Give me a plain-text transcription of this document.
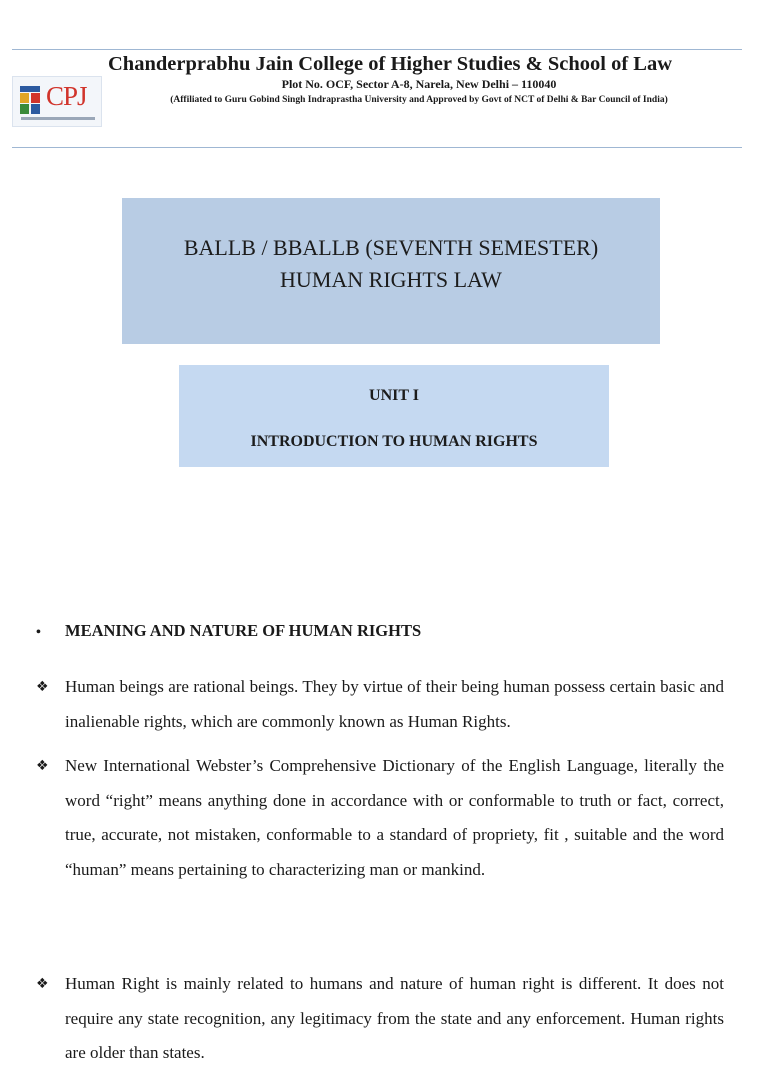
CPJ
Chanderprabhu Jain College of Higher Studies & School of Law
Plot No. OCF, Sector A-8, Narela, New Delhi – 110040
(Affiliated to Guru Gobind Singh Indraprastha University and Approved by Govt of NCT of Delhi & Bar Council of India)
BALLB / BBALLB (SEVENTH SEMESTER)
HUMAN RIGHTS LAW
UNIT I
INTRODUCTION TO HUMAN RIGHTS
• MEANING AND NATURE OF HUMAN RIGHTS
❖ Human beings are rational beings. They by virtue of their being human possess certain basic and inalienable rights, which are commonly known as Human Rights.
❖ New International Webster’s Comprehensive Dictionary of the English Language, literally the word “right” means anything done in accordance with or conformable to truth or fact, correct, true, accurate, not mistaken, conformable to a standard of propriety, fit , suitable and the word “human” means pertaining to characterizing man or mankind.
❖ Human Right is mainly related to humans and nature of human right is different. It does not require any state recognition, any legitimacy from the state and any enforcement. Human rights are older than states.
